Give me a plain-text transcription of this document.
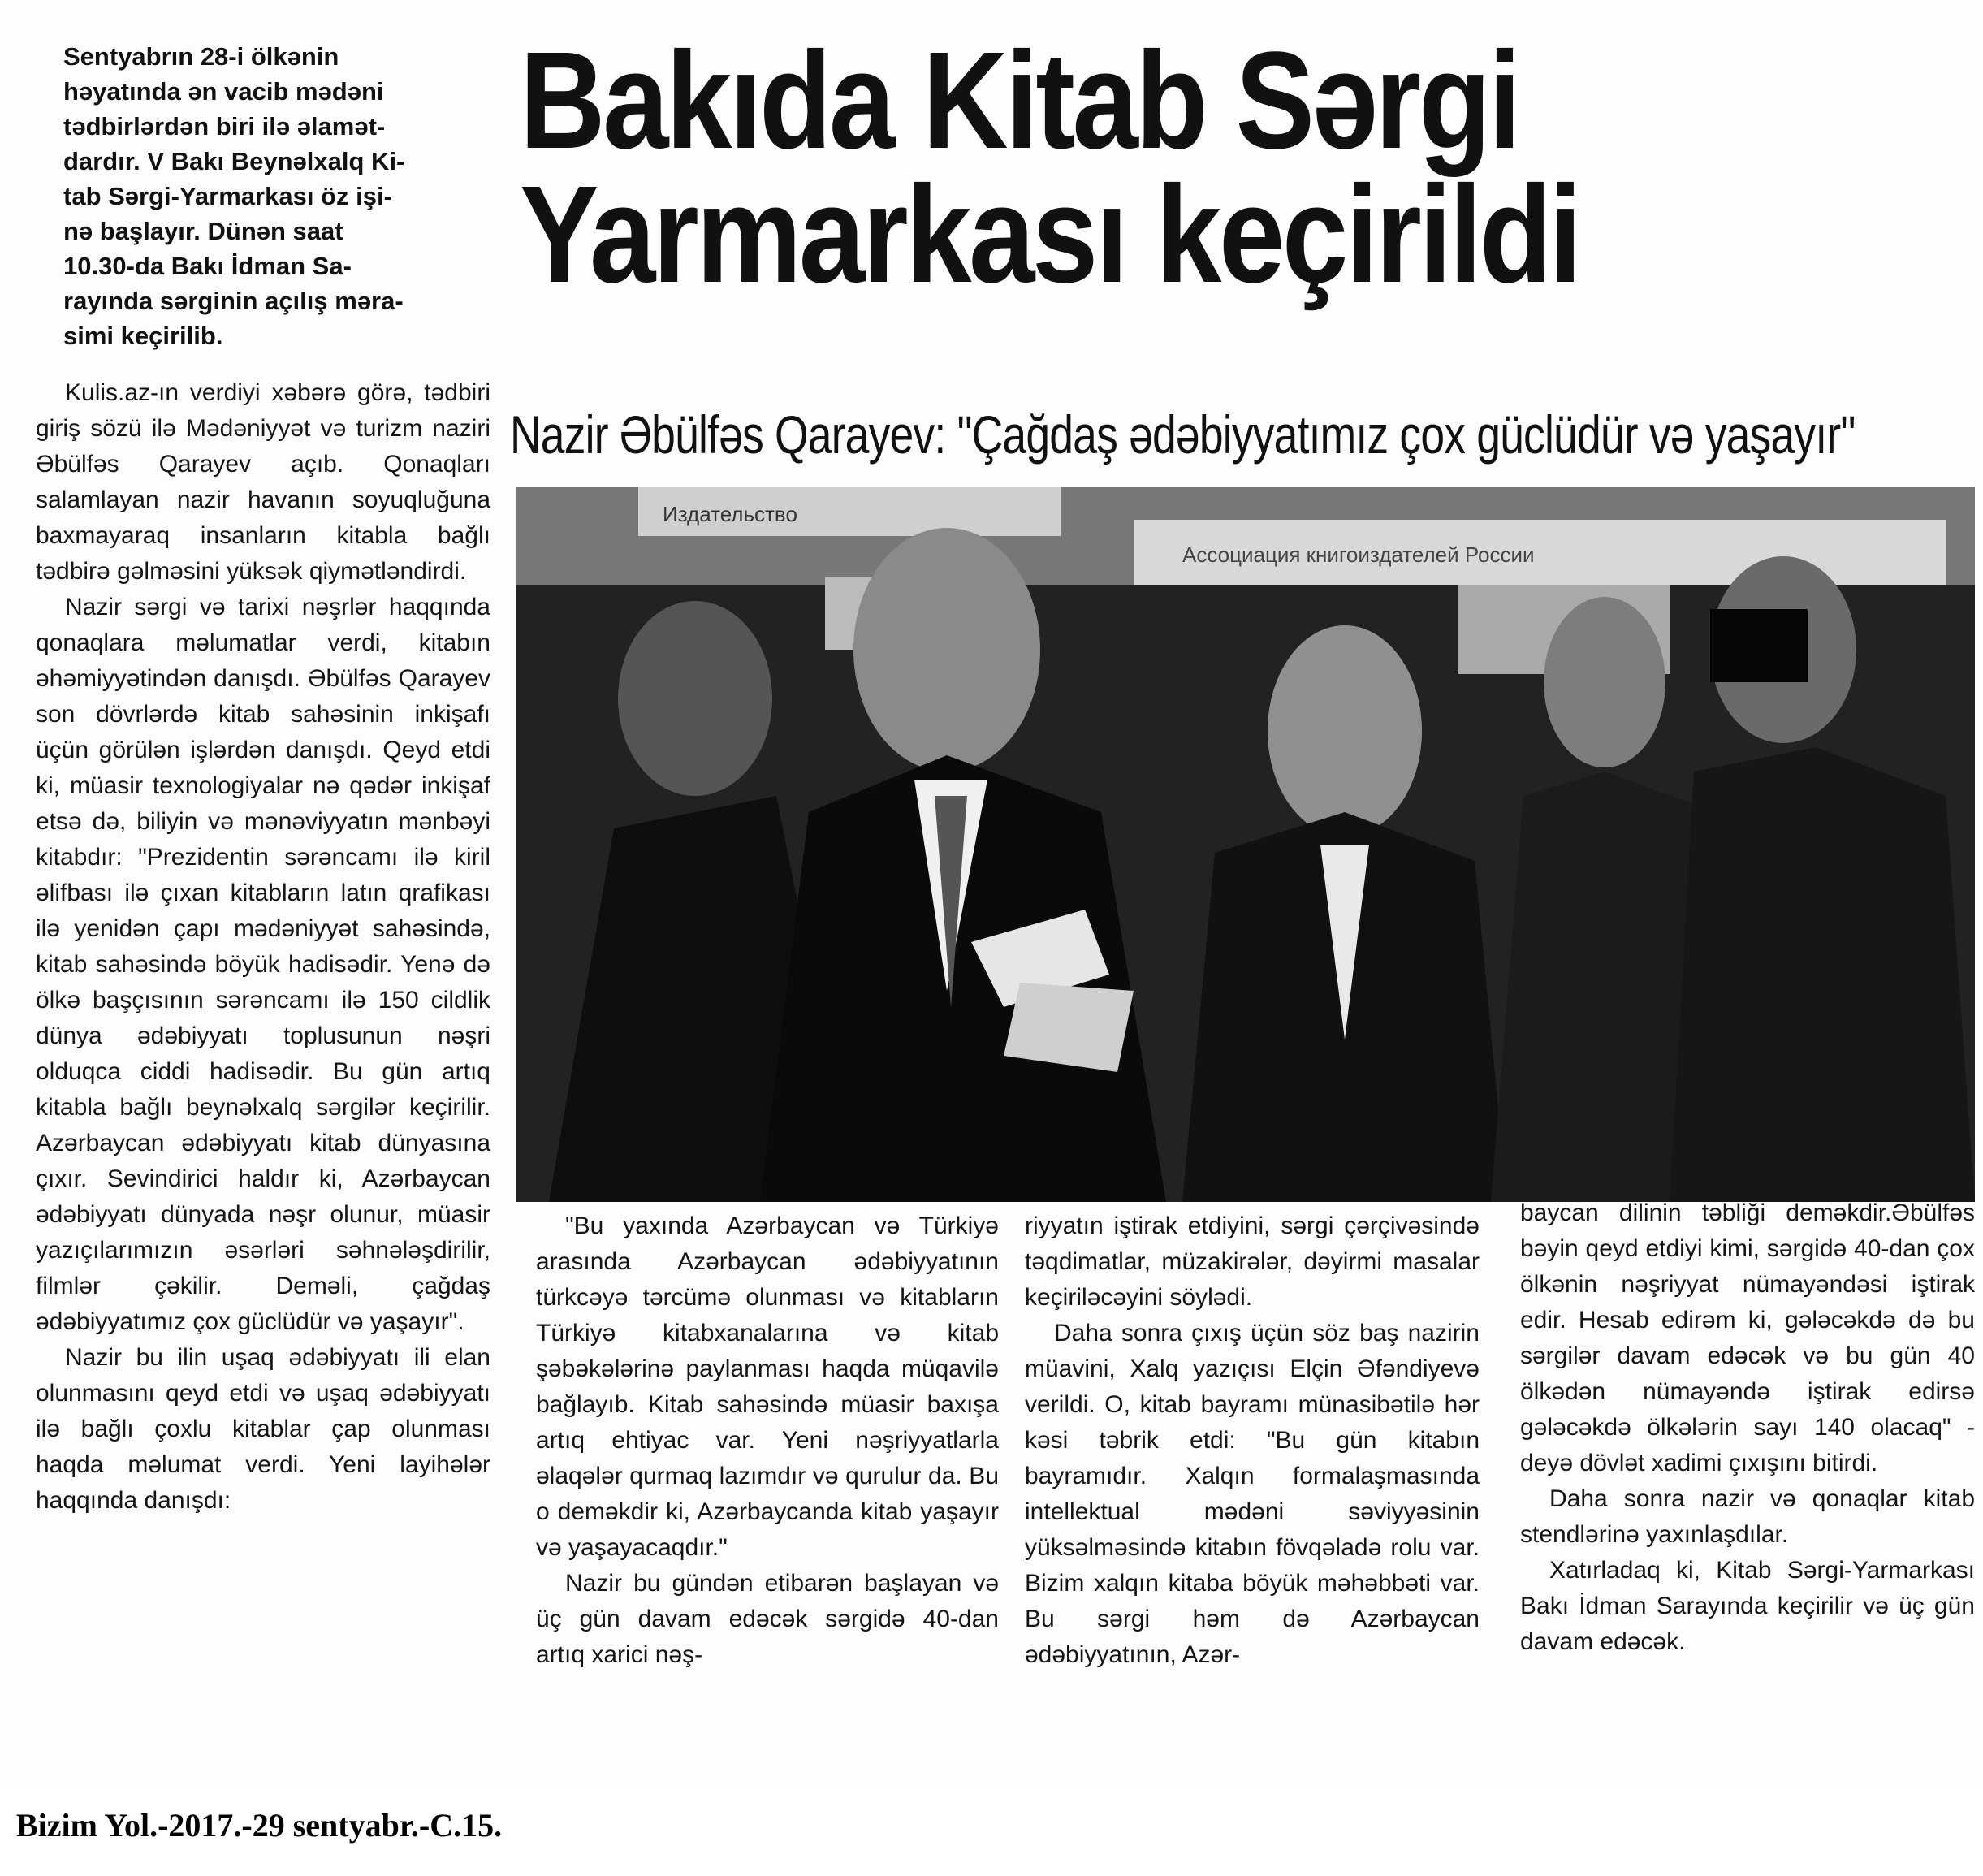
Sentyabrın 28-i ölkənin

həyatında ən vacib mədəni

tədbirlərdən biri ilə əlamət-

dardır. V Bakı Beynəlxalq Ki-

tab Sərgi-Yarmarkası öz işi-

nə başlayır. Dünən saat

10.30-da Bakı İdman Sa-

rayında sərginin açılış məra-

simi keçirilib.

Bakıda Kitab Sərgi
Yarmarkası keçirildi
Nazir Əbülfəs Qarayev: "Çağdaş ədəbiyyatımız çox güclüdür və yaşayır"

Kulis.az-ın verdiyi xəbərə görə, tədbiri giriş sözü ilə Mədəniyyət və turizm naziri Əbülfəs Qarayev açıb. Qonaqları salamlayan nazir havanın soyuqluğuna baxmayaraq insanların kitabla bağlı tədbirə gəlməsini yüksək qiymətləndirdi.

Nazir sərgi və tarixi nəşrlər haqqında qonaqlara məlumatlar verdi, kitabın əhəmiyyətindən danışdı. Əbülfəs Qarayev son dövrlərdə kitab sahəsinin inkişafı üçün görülən işlərdən danışdı. Qeyd etdi ki, müasir texnologiyalar nə qədər inkişaf etsə də, biliyin və mənəviyyatın mənbəyi kitabdır: "Prezidentin sərəncamı ilə kiril əlifbası ilə çıxan kitabların latın qrafikası ilə yenidən çapı mədəniyyət sahəsində, kitab sahəsində böyük hadisədir. Yenə də ölkə başçısının sərəncamı ilə 150 cildlik dünya ədəbiyyatı toplusunun nəşri olduqca ciddi hadisədir. Bu gün artıq kitabla bağlı beynəlxalq sərgilər keçirilir. Azərbaycan ədəbiyyatı kitab dünyasına çıxır. Sevindirici haldır ki, Azərbaycan ədəbiyyatı dünyada nəşr olunur, müasir yazıçılarımızın əsərləri səhnələşdirilir, filmlər çəkilir. Deməli, çağdaş ədəbiyyatımız çox güclüdür və yaşayır".

Nazir bu ilin uşaq ədəbiyyatı ili elan olunmasını qeyd etdi və uşaq ədəbiyyatı ilə bağlı çoxlu kitablar çap olunması haqda məlumat verdi. Yeni layihələr haqqında danışdı:

Издательство
Ассоциация книгоиздателей России

"Bu yaxında Azərbaycan və Türkiyə arasında Azərbaycan ədəbiyyatının türkcəyə tərcümə olunması və kitabların Türkiyə kitabxanalarına və kitab şəbəkələrinə paylanması haqda müqavilə bağlayıb. Kitab sahəsində müasir baxışa artıq ehtiyac var. Yeni nəşriyyatlarla əlaqələr qurmaq lazımdır və qurulur da. Bu o deməkdir ki, Azərbaycanda kitab yaşayır və yaşayacaqdır."

Nazir bu gündən etibarən başlayan və üç gün davam edəcək sərgidə 40-dan artıq xarici nəş-

riyyatın iştirak etdiyini, sərgi çərçivəsində təqdimatlar, müzakirələr, dəyirmi masalar keçiriləcəyini söylədi.

Daha sonra çıxış üçün söz baş nazirin müavini, Xalq yazıçısı Elçin Əfəndiyevə verildi. O, kitab bayramı münasibətilə hər kəsi təbrik etdi: "Bu gün kitabın bayramıdır. Xalqın formalaşmasında intellektual mədəni səviyyəsinin yüksəlməsində kitabın fövqəladə rolu var. Bizim xalqın kitaba böyük məhəbbəti var. Bu sərgi həm də Azərbaycan ədəbiyyatının, Azər-

baycan dilinin təbliği deməkdir.Əbülfəs bəyin qeyd etdiyi kimi, sərgidə 40-dan çox ölkənin nəşriyyat nümayəndəsi iştirak edir. Hesab edirəm ki, gələcəkdə də bu sərgilər davam edəcək və bu gün 40 ölkədən nümayəndə iştirak edirsə gələcəkdə ölkələrin sayı 140 olacaq" - deyə dövlət xadimi çıxışını bitirdi.

Daha sonra nazir və qonaqlar kitab stendlərinə yaxınlaşdılar.

Xatırladaq ki, Kitab Sərgi-Yarmarkası Bakı İdman Sarayında keçirilir və üç gün davam edəcək.

Bizim Yol.-2017.-29 sentyabr.-C.15.
